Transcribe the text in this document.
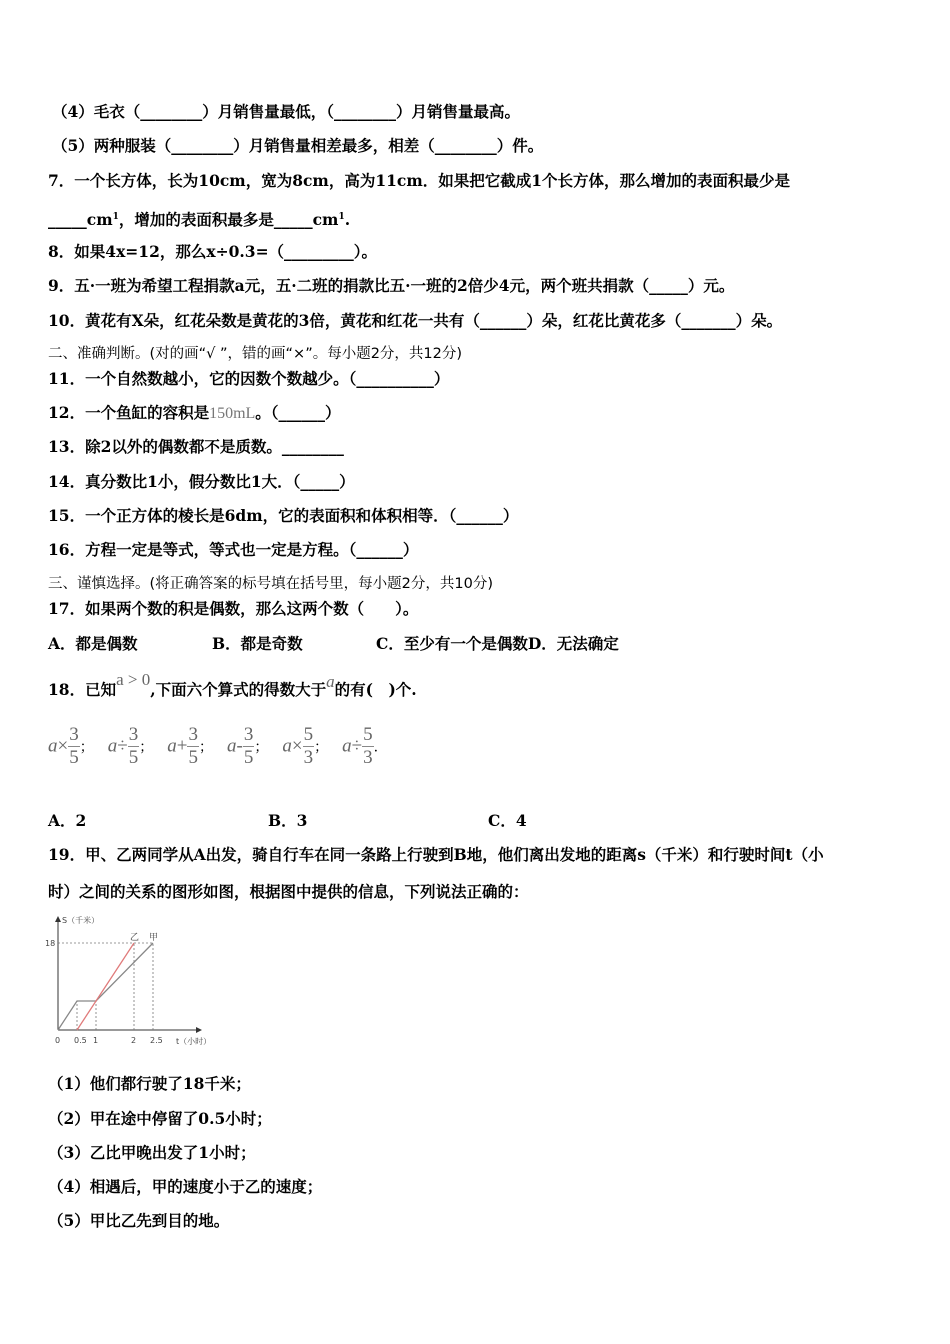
（4）毛衣（________）月销售量最低，（________）月销售量最高。
（5）两种服装（________）月销售量相差最多，相差（________）件。
7．一个长方体，长为10cm，宽为8cm，高为11cm．如果把它截成1个长方体，那么增加的表面积最少是
$\_\_\_\_\_cm^1$，增加的表面积最多是$\_\_\_\_\_cm^1$.
8．如果4x=12，那么x÷0.3=（_________）。
9．五·一班为希望工程捐款a元，五·二班的捐款比五·一班的2倍少4元，两个班共捐款（_____）元。
10．黄花有X朵，红花朵数是黄花的3倍，黄花和红花一共有（______）朵，红花比黄花多（_______）朵。
二、准确判断。(对的画“√ ”，错的画“×”。每小题2分，共12分)
11．一个自然数越小，它的因数个数越少。（__________）
12．一个鱼缸的容积是150mL。（______）
13．除2以外的偶数都不是质数。________
14．真分数比1小，假分数比1大．（_____）
15．一个正方体的棱长是6dm，它的表面积和体积相等．（______）
16．方程一定是等式，等式也一定是方程。（______）
三、谨慎选择。(将正确答案的标号填在括号里，每小题2分，共10分)
17．如果两个数的积是偶数，那么这两个数（　　）。
A．都是偶数	B．都是奇数	C．至少有一个是偶数D．无法确定
18．已知a > 0,下面六个算式的得数大于a的有(　)个.
$a\times \frac{3}{5}$ ； $a\div \frac{3}{5}$ ； $a+ \frac{3}{5}$ ； $a- \frac{3}{5}$ ； $a\times \frac{5}{3}$ ； $a\div \frac{5}{3}$ .
A．2	B．3	C．4
19．甲、乙两同学从A出发，骑自行车在同一条路上行驶到B地，他们离出发地的距离s（千米）和行驶时间t（小
时）之间的关系的图形如图，根据图中提供的信息，下列说法正确的：
S（千米）
t（小时）
0 0.5 1	2 2.5
18
乙 甲
（1）他们都行驶了18千米；
（2）甲在途中停留了0.5小时；
（3）乙比甲晚出发了1小时；
（4）相遇后，甲的速度小于乙的速度；
（5）甲比乙先到目的地。
